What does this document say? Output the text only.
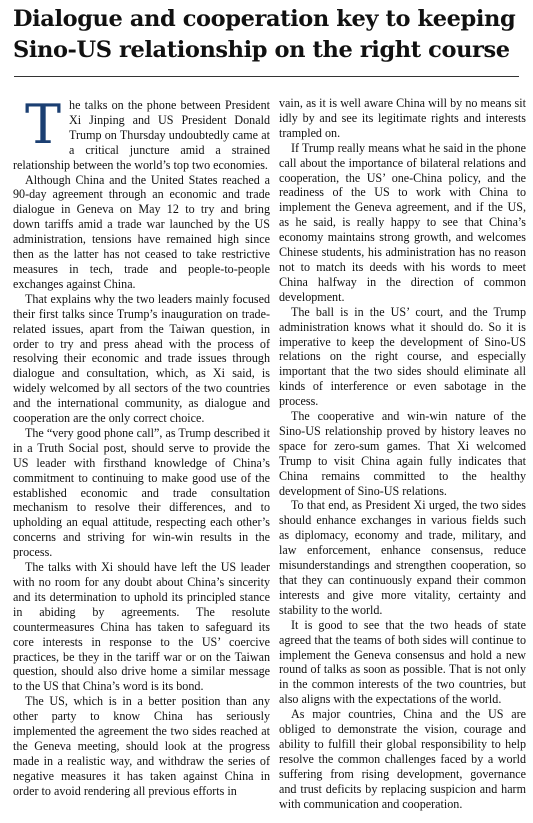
Dialogue and cooperation key to keeping Sino-US relationship on the right course

The talks on the phone between President Xi Jinping and US President Donald Trump on Thursday undoubtedly came at a critical juncture amid a strained relationship between the world’s top two economies.

Although China and the United States reached a 90-day agreement through an economic and trade dialogue in Geneva on May 12 to try and bring down tariffs amid a trade war launched by the US administration, tensions have remained high since then as the latter has not ceased to take restrictive measures in tech, trade and people-to-people exchanges against China.

That explains why the two leaders mainly focused their first talks since Trump’s inauguration on trade-related issues, apart from the Taiwan question, in order to try and press ahead with the process of resolving their economic and trade issues through dialogue and consultation, which, as Xi said, is widely welcomed by all sectors of the two countries and the international community, as dialogue and cooperation are the only correct choice.

The “very good phone call”, as Trump described it in a Truth Social post, should serve to provide the US leader with firsthand knowledge of China’s commitment to continuing to make good use of the established economic and trade consultation mechanism to resolve their differences, and to upholding an equal attitude, respecting each other’s concerns and striving for win-win results in the process.

The talks with Xi should have left the US leader with no room for any doubt about China’s sincerity and its determination to uphold its principled stance in abiding by agreements. The resolute countermeasures China has taken to safeguard its core interests in response to the US’ coercive practices, be they in the tariff war or on the Taiwan question, should also drive home a similar message to the US that China’s word is its bond.

The US, which is in a better position than any other party to know China has seriously implemented the agreement the two sides reached at the Geneva meeting, should look at the progress made in a realistic way, and withdraw the series of negative measures it has taken against China in order to avoid rendering all previous efforts in

vain, as it is well aware China will by no means sit idly by and see its legitimate rights and interests trampled on.

If Trump really means what he said in the phone call about the importance of bilateral relations and cooperation, the US’ one-China policy, and the readiness of the US to work with China to implement the Geneva agreement, and if the US, as he said, is really happy to see that China’s economy maintains strong growth, and welcomes Chinese students, his administration has no reason not to match its deeds with his words to meet China halfway in the direction of common development.

The ball is in the US’ court, and the Trump administration knows what it should do. So it is imperative to keep the development of Sino-US relations on the right course, and especially important that the two sides should eliminate all kinds of interference or even sabotage in the process.

The cooperative and win-win nature of the Sino-US relationship proved by history leaves no space for zero-sum games. That Xi welcomed Trump to visit China again fully indicates that China remains committed to the healthy development of Sino-US relations.

To that end, as President Xi urged, the two sides should enhance exchanges in various fields such as diplomacy, economy and trade, military, and law enforcement, enhance consensus, reduce misunderstandings and strengthen cooperation, so that they can continuously expand their common interests and give more vitality, certainty and stability to the world.

It is good to see that the two heads of state agreed that the teams of both sides will continue to implement the Geneva consensus and hold a new round of talks as soon as possible. That is not only in the common interests of the two countries, but also aligns with the expectations of the world.

As major countries, China and the US are obliged to demonstrate the vision, courage and ability to fulfill their global responsibility to help resolve the common challenges faced by a world suffering from rising development, governance and trust deficits by replacing suspicion and harm with communication and cooperation.
